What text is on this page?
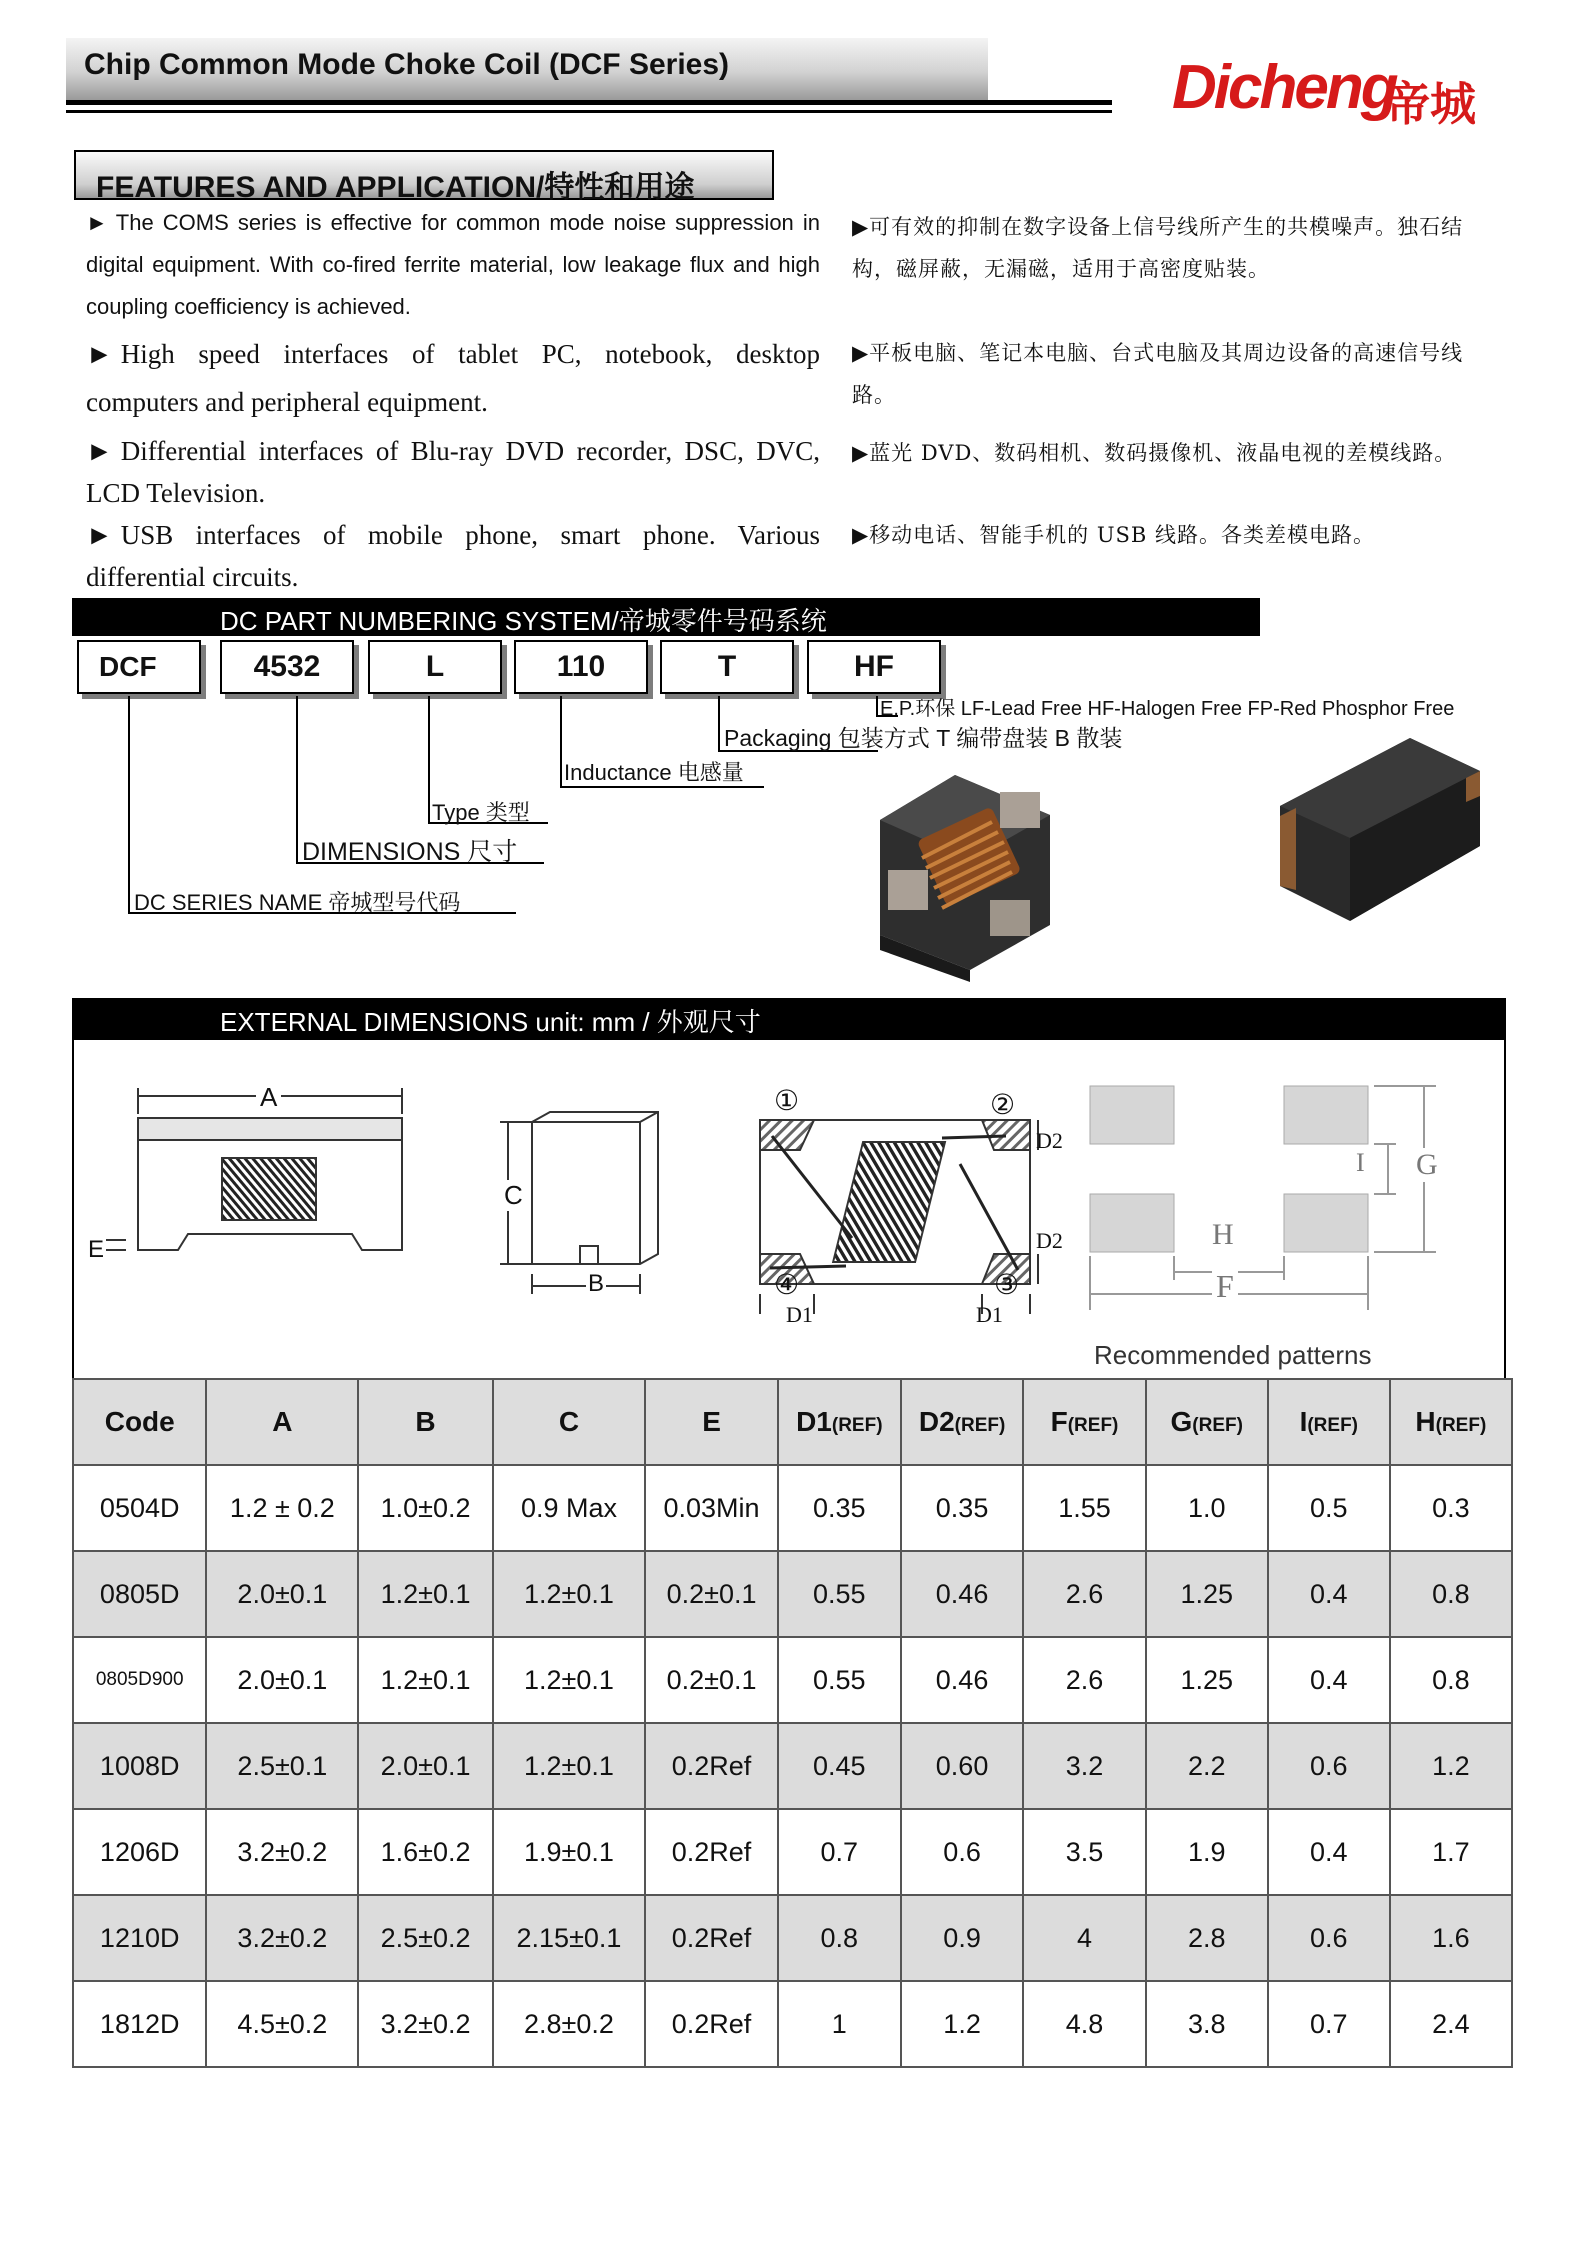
Chip Common Mode Choke Coil (DCF Series)	Dicheng
帝城
FEATURES AND APPLICATION/特性和用途
► The COMS series is effective for common mode noise suppression in digital equipment. With co-fired ferrite material, low leakage flux and high coupling coefficiency is achieved.
► High speed interfaces of tablet PC, notebook, desktop computers and peripheral equipment.
► Differential interfaces of Blu-ray DVD recorder, DSC, DVC, LCD Television.
► USB interfaces of mobile phone, smart phone. Various differential circuits.
▶可有效的抑制在数字设备上信号线所产生的共模噪声。独石结构，磁屏蔽，无漏磁，适用于高密度贴装。
▶平板电脑、笔记本电脑、台式电脑及其周边设备的高速信号线路。
▶蓝光 DVD、数码相机、数码摄像机、液晶电视的差模线路。
▶移动电话、智能手机的 USB 线路。各类差模电路。
DC PART NUMBERING SYSTEM/帝城零件号码系统
DCF	4532	L	110	T	HF
E.P.环保 LF-Lead Free HF-Halogen Free FP-Red Phosphor Free
Packaging 包装方式 T 编带盘装 B 散装
Inductance 电感量
Type 类型
DIMENSIONS 尺寸
DC SERIES NAME 帝城型号代码
EXTERNAL DIMENSIONS unit: mm / 外观尺寸
A
E
C
B
①	②
④	③
D2
D2
D1	D1
H
F
I G
Recommended patterns
Code	A	B	C	E	D1(REF)	D2(REF)	F(REF)	G(REF)	I(REF)	H(REF)
0504D	1.2 ± 0.2	1.0±0.2	0.9 Max	0.03Min	0.35	0.35	1.55	1.0	0.5	0.3
0805D	2.0±0.1	1.2±0.1	1.2±0.1	0.2±0.1	0.55	0.46	2.6	1.25	0.4	0.8
0805D900	2.0±0.1	1.2±0.1	1.2±0.1	0.2±0.1	0.55	0.46	2.6	1.25	0.4	0.8
1008D	2.5±0.1	2.0±0.1	1.2±0.1	0.2Ref	0.45	0.60	3.2	2.2	0.6	1.2
1206D	3.2±0.2	1.6±0.2	1.9±0.1	0.2Ref	0.7	0.6	3.5	1.9	0.4	1.7
1210D	3.2±0.2	2.5±0.2	2.15±0.1	0.2Ref	0.8	0.9	4	2.8	0.6	1.6
1812D	4.5±0.2	3.2±0.2	2.8±0.2	0.2Ref	1	1.2	4.8	3.8	0.7	2.4
